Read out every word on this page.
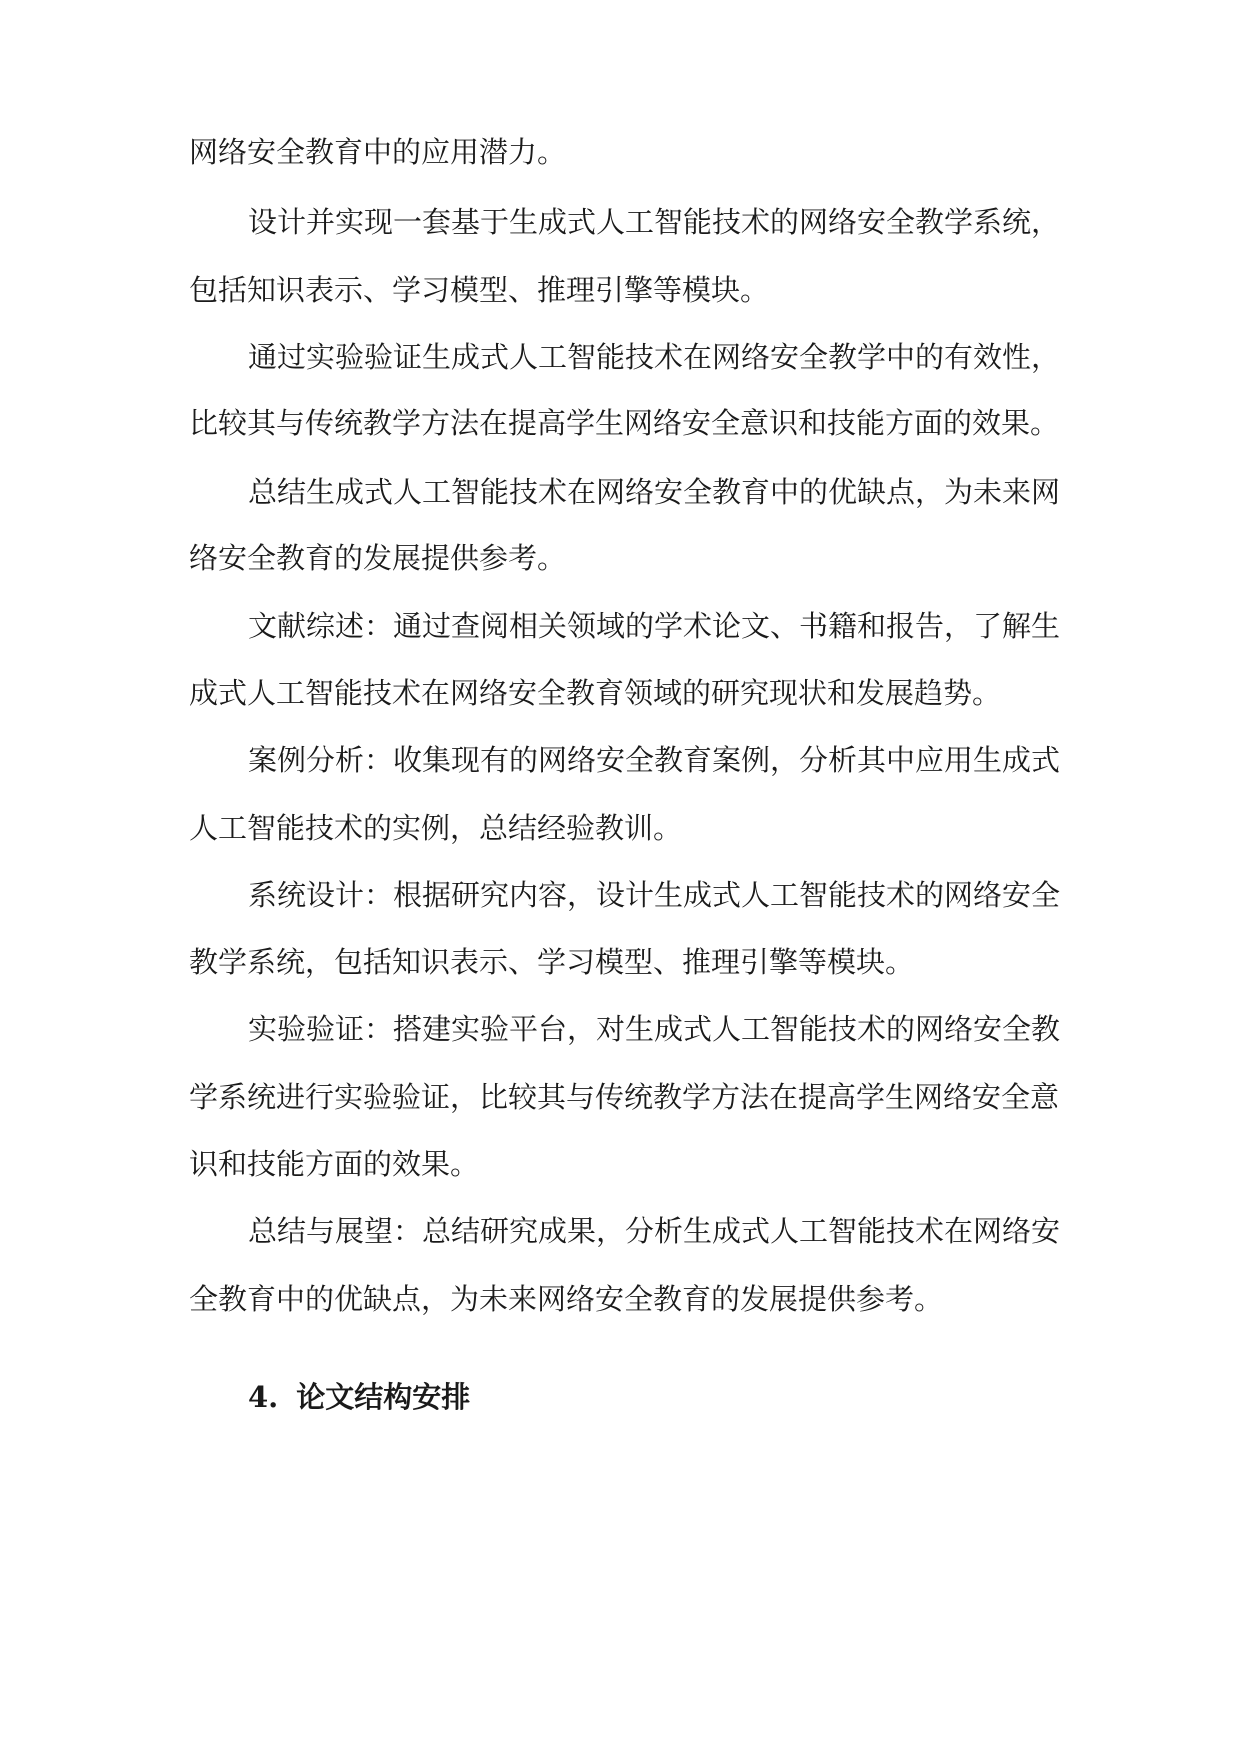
网络安全教育中的应用潜力。
设计并实现一套基于生成式人工智能技术的网络安全教学系统，
包括知识表示、学习模型、推理引擎等模块。
通过实验验证生成式人工智能技术在网络安全教学中的有效性，
比较其与传统教学方法在提高学生网络安全意识和技能方面的效果。
总结生成式人工智能技术在网络安全教育中的优缺点，为未来网
络安全教育的发展提供参考。
文献综述：通过查阅相关领域的学术论文、书籍和报告，了解生
成式人工智能技术在网络安全教育领域的研究现状和发展趋势。
案例分析：收集现有的网络安全教育案例，分析其中应用生成式
人工智能技术的实例，总结经验教训。
系统设计：根据研究内容，设计生成式人工智能技术的网络安全
教学系统，包括知识表示、学习模型、推理引擎等模块。
实验验证：搭建实验平台，对生成式人工智能技术的网络安全教
学系统进行实验验证，比较其与传统教学方法在提高学生网络安全意
识和技能方面的效果。
总结与展望：总结研究成果，分析生成式人工智能技术在网络安
全教育中的优缺点，为未来网络安全教育的发展提供参考。
4. 论文结构安排
